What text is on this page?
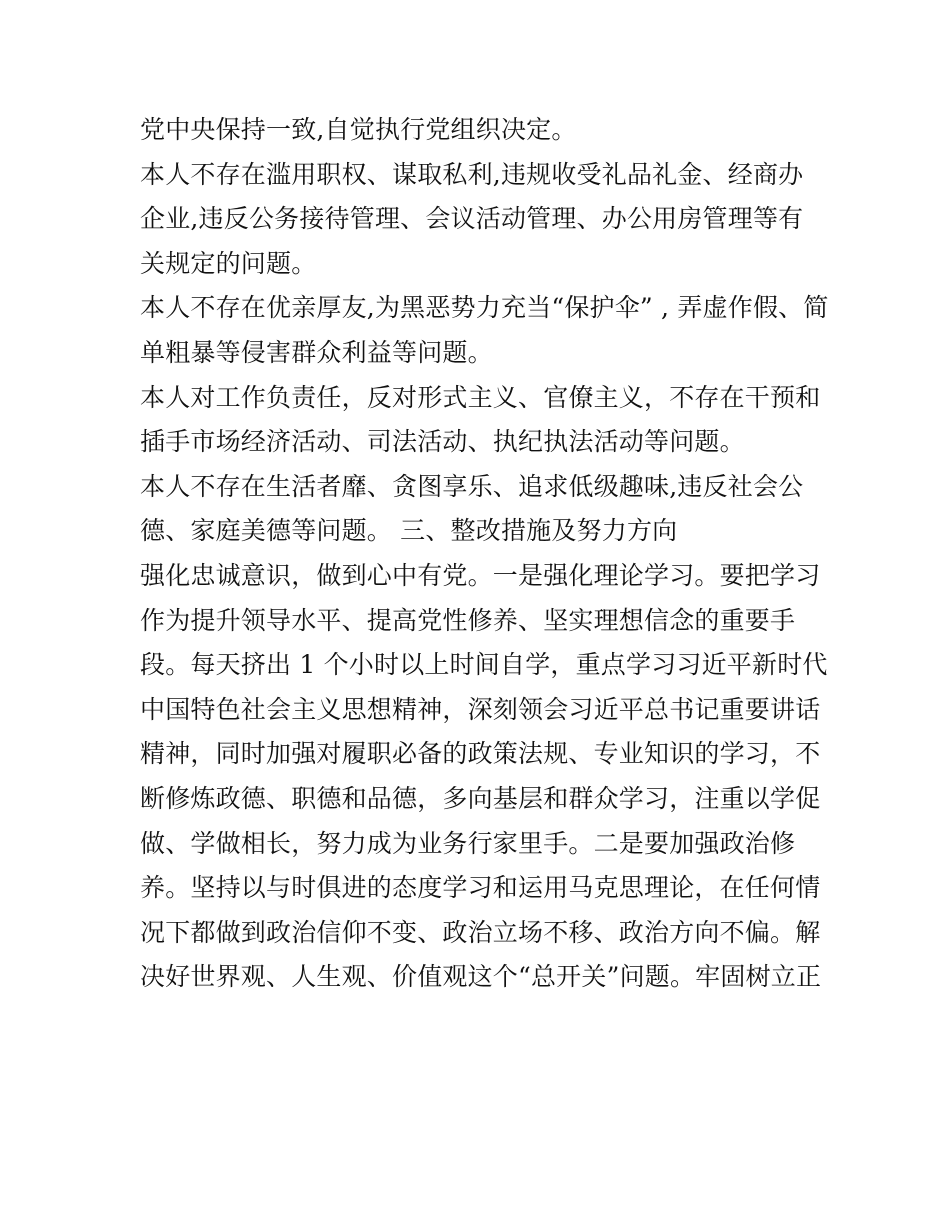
党中央保持一致,自觉执行党组织决定。
本人不存在滥用职权、谋取私利,违规收受礼品礼金、经商办
企业,违反公务接待管理、会议活动管理、办公用房管理等有
关规定的问题。
本人不存在优亲厚友,为黑恶势力充当“保护伞” , 弄虚作假、简
单粗暴等侵害群众利益等问题。
本人对工作负责任，反对形式主义、官僚主义，不存在干预和
插手市场经济活动、司法活动、执纪执法活动等问题。
本人不存在生活者靡、贪图享乐、追求低级趣味,违反社会公
德、家庭美德等问题。 三、整改措施及努力方向
强化忠诚意识，做到心中有党。一是强化理论学习。要把学习
作为提升领导水平、提高党性修养、坚实理想信念的重要手
段。每天挤出 1 个小时以上时间自学，重点学习习近平新时代
中国特色社会主义思想精神，深刻领会习近平总书记重要讲话
精神，同时加强对履职必备的政策法规、专业知识的学习，不
断修炼政德、职德和品德，多向基层和群众学习，注重以学促
做、学做相长，努力成为业务行家里手。二是要加强政治修
养。坚持以与时俱进的态度学习和运用马克思理论，在任何情
况下都做到政治信仰不变、政治立场不移、政治方向不偏。解
决好世界观、人生观、价值观这个“总开关”问题。牢固树立正
